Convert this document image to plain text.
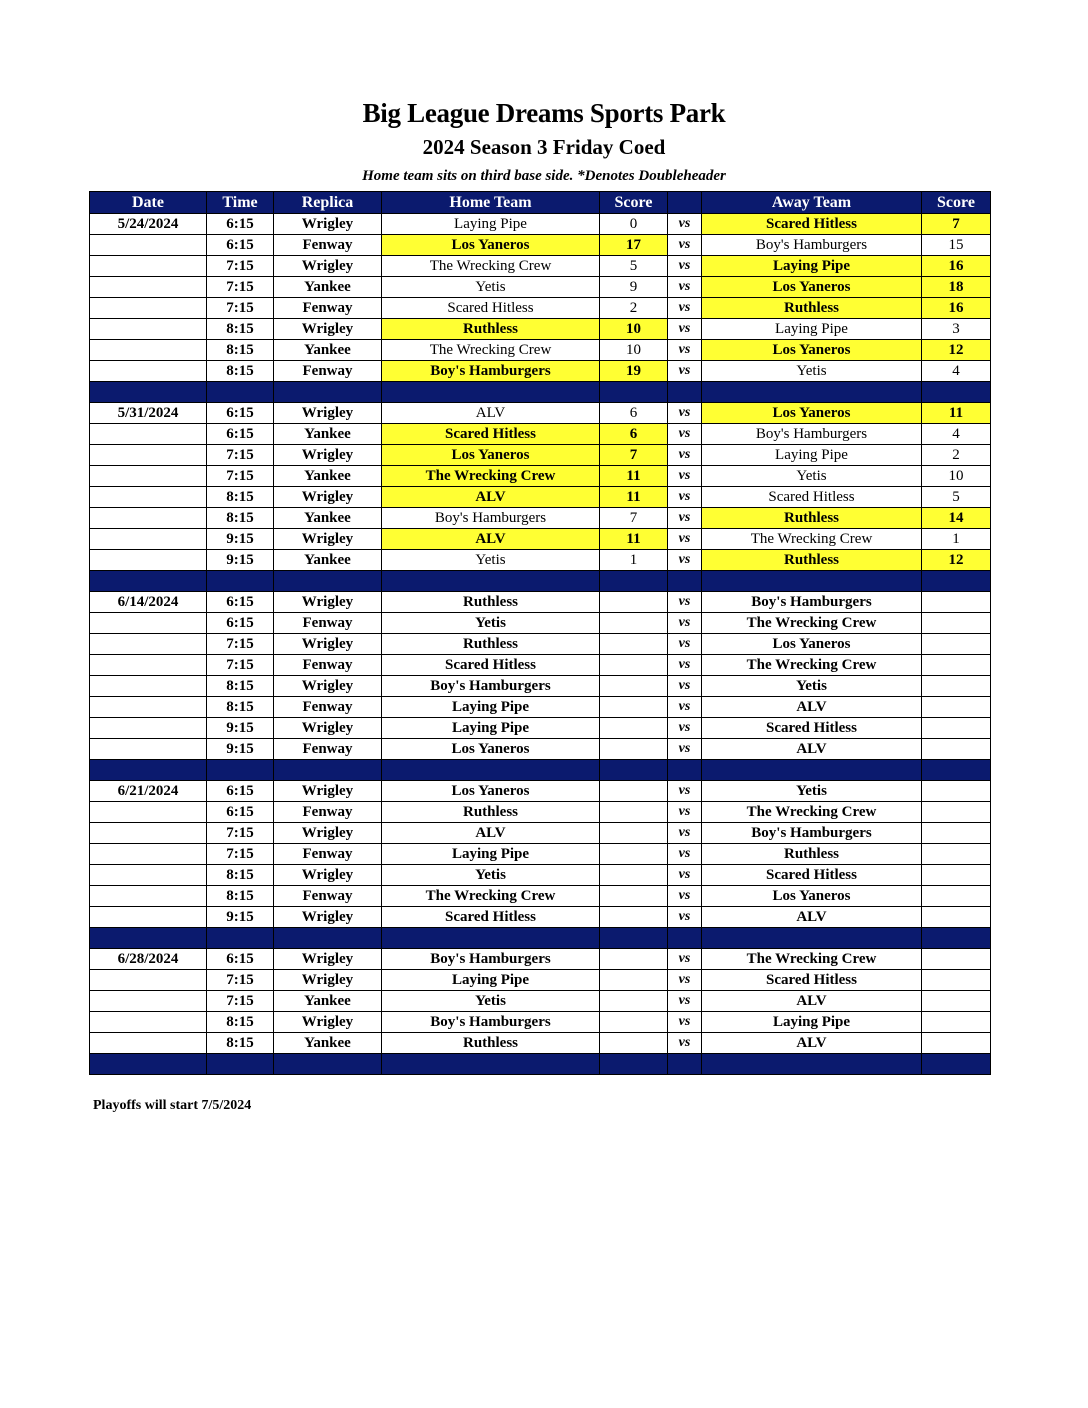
Big League Dreams Sports Park
2024 Season 3 Friday Coed
Home team sits on third base side. *Denotes Doubleheader
Date	Time	Replica	Home Team	Score		Away Team	Score
5/24/2024	6:15	Wrigley	Laying Pipe	0	vs	Scared Hitless	7
	6:15	Fenway	Los Yaneros	17	vs	Boy's Hamburgers	15
	7:15	Wrigley	The Wrecking Crew	5	vs	Laying Pipe	16
	7:15	Yankee	Yetis	9	vs	Los Yaneros	18
	7:15	Fenway	Scared Hitless	2	vs	Ruthless	16
	8:15	Wrigley	Ruthless	10	vs	Laying Pipe	3
	8:15	Yankee	The Wrecking Crew	10	vs	Los Yaneros	12
	8:15	Fenway	Boy's Hamburgers	19	vs	Yetis	4

5/31/2024	6:15	Wrigley	ALV	6	vs	Los Yaneros	11
	6:15	Yankee	Scared Hitless	6	vs	Boy's Hamburgers	4
	7:15	Wrigley	Los Yaneros	7	vs	Laying Pipe	2
	7:15	Yankee	The Wrecking Crew	11	vs	Yetis	10
	8:15	Wrigley	ALV	11	vs	Scared Hitless	5
	8:15	Yankee	Boy's Hamburgers	7	vs	Ruthless	14
	9:15	Wrigley	ALV	11	vs	The Wrecking Crew	1
	9:15	Yankee	Yetis	1	vs	Ruthless	12

6/14/2024	6:15	Wrigley	Ruthless		vs	Boy's Hamburgers	
	6:15	Fenway	Yetis		vs	The Wrecking Crew	
	7:15	Wrigley	Ruthless		vs	Los Yaneros	
	7:15	Fenway	Scared Hitless		vs	The Wrecking Crew	
	8:15	Wrigley	Boy's Hamburgers		vs	Yetis	
	8:15	Fenway	Laying Pipe		vs	ALV	
	9:15	Wrigley	Laying Pipe		vs	Scared Hitless	
	9:15	Fenway	Los Yaneros		vs	ALV	

6/21/2024	6:15	Wrigley	Los Yaneros		vs	Yetis	
	6:15	Fenway	Ruthless		vs	The Wrecking Crew	
	7:15	Wrigley	ALV		vs	Boy's Hamburgers	
	7:15	Fenway	Laying Pipe		vs	Ruthless	
	8:15	Wrigley	Yetis		vs	Scared Hitless	
	8:15	Fenway	The Wrecking Crew		vs	Los Yaneros	
	9:15	Wrigley	Scared Hitless		vs	ALV	

6/28/2024	6:15	Wrigley	Boy's Hamburgers		vs	The Wrecking Crew	
	7:15	Wrigley	Laying Pipe		vs	Scared Hitless	
	7:15	Yankee	Yetis		vs	ALV	
	8:15	Wrigley	Boy's Hamburgers		vs	Laying Pipe	
	8:15	Yankee	Ruthless		vs	ALV	

Playoffs will start 7/5/2024
